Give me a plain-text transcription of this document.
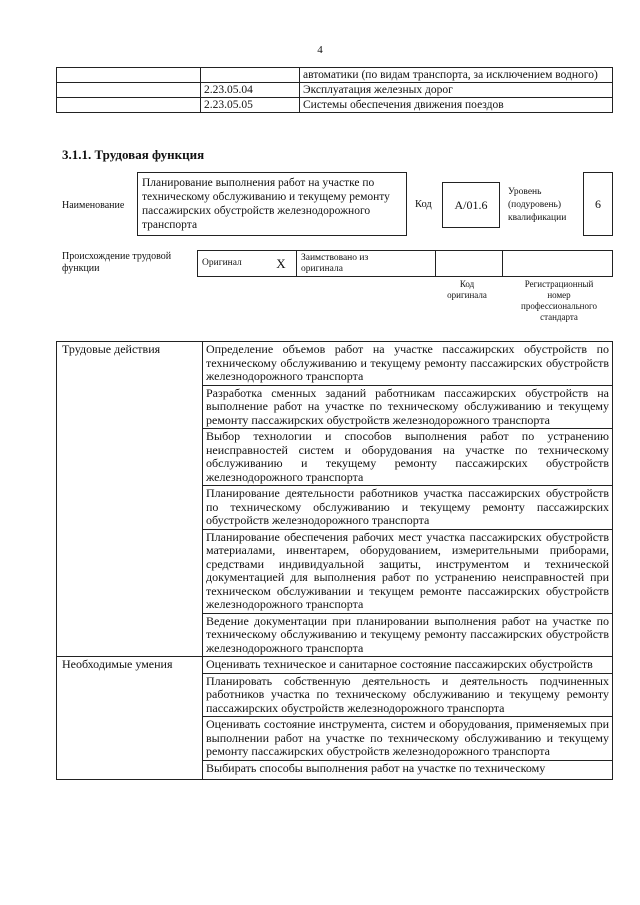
4
		автоматики (по видам транспорта, за исключением водного)
	2.23.05.04	Эксплуатация железных дорог
	2.23.05.05	Системы обеспечения движения поездов
3.1.1. Трудовая функция
Наименование
Планирование выполнения работ на участке по техническому обслуживанию и текущему ремонту пассажирских обустройств железнодорожного транспорта
Код	A/01.6
Уровень
(подуровень)
квалификации
6
Происхождение трудовой
функции	Оригинал	X	Заимствовано из
оригинала

Код
оригинала
Регистрационный
номер
профессионального
стандарта
Трудовые действия	Определение объемов работ на участке пассажирских обустройств по техническому обслуживанию и текущему ремонту пассажирских обустройств железнодорожного транспорта
	Разработка сменных заданий работникам пассажирских обустройств на выполнение работ на участке по техническому обслуживанию и текущему ремонту пассажирских обустройств железнодорожного транспорта
	Выбор технологии и способов выполнения работ по устранению неисправностей систем и оборудования на участке по техническому обслуживанию и текущему ремонту пассажирских обустройств железнодорожного транспорта
	Планирование деятельности работников участка пассажирских обустройств по техническому обслуживанию и текущему ремонту пассажирских обустройств железнодорожного транспорта
	Планирование обеспечения рабочих мест участка пассажирских обустройств материалами, инвентарем, оборудованием, измерительными приборами, средствами индивидуальной защиты, инструментом и технической документацией для выполнения работ по устранению неисправностей при техническом обслуживании и текущем ремонте пассажирских обустройств железнодорожного транспорта
	Ведение документации при планировании выполнения работ на участке по техническому обслуживанию и текущему ремонту пассажирских обустройств железнодорожного транспорта
Необходимые умения	Оценивать техническое и санитарное состояние пассажирских обустройств
	Планировать собственную деятельность и деятельность подчиненных работников участка по техническому обслуживанию и текущему ремонту пассажирских обустройств железнодорожного транспорта
	Оценивать состояние инструмента, систем и оборудования, применяемых при выполнении работ на участке по техническому обслуживанию и текущему ремонту пассажирских обустройств железнодорожного транспорта

	Выбирать способы выполнения работ на участке по техническому
